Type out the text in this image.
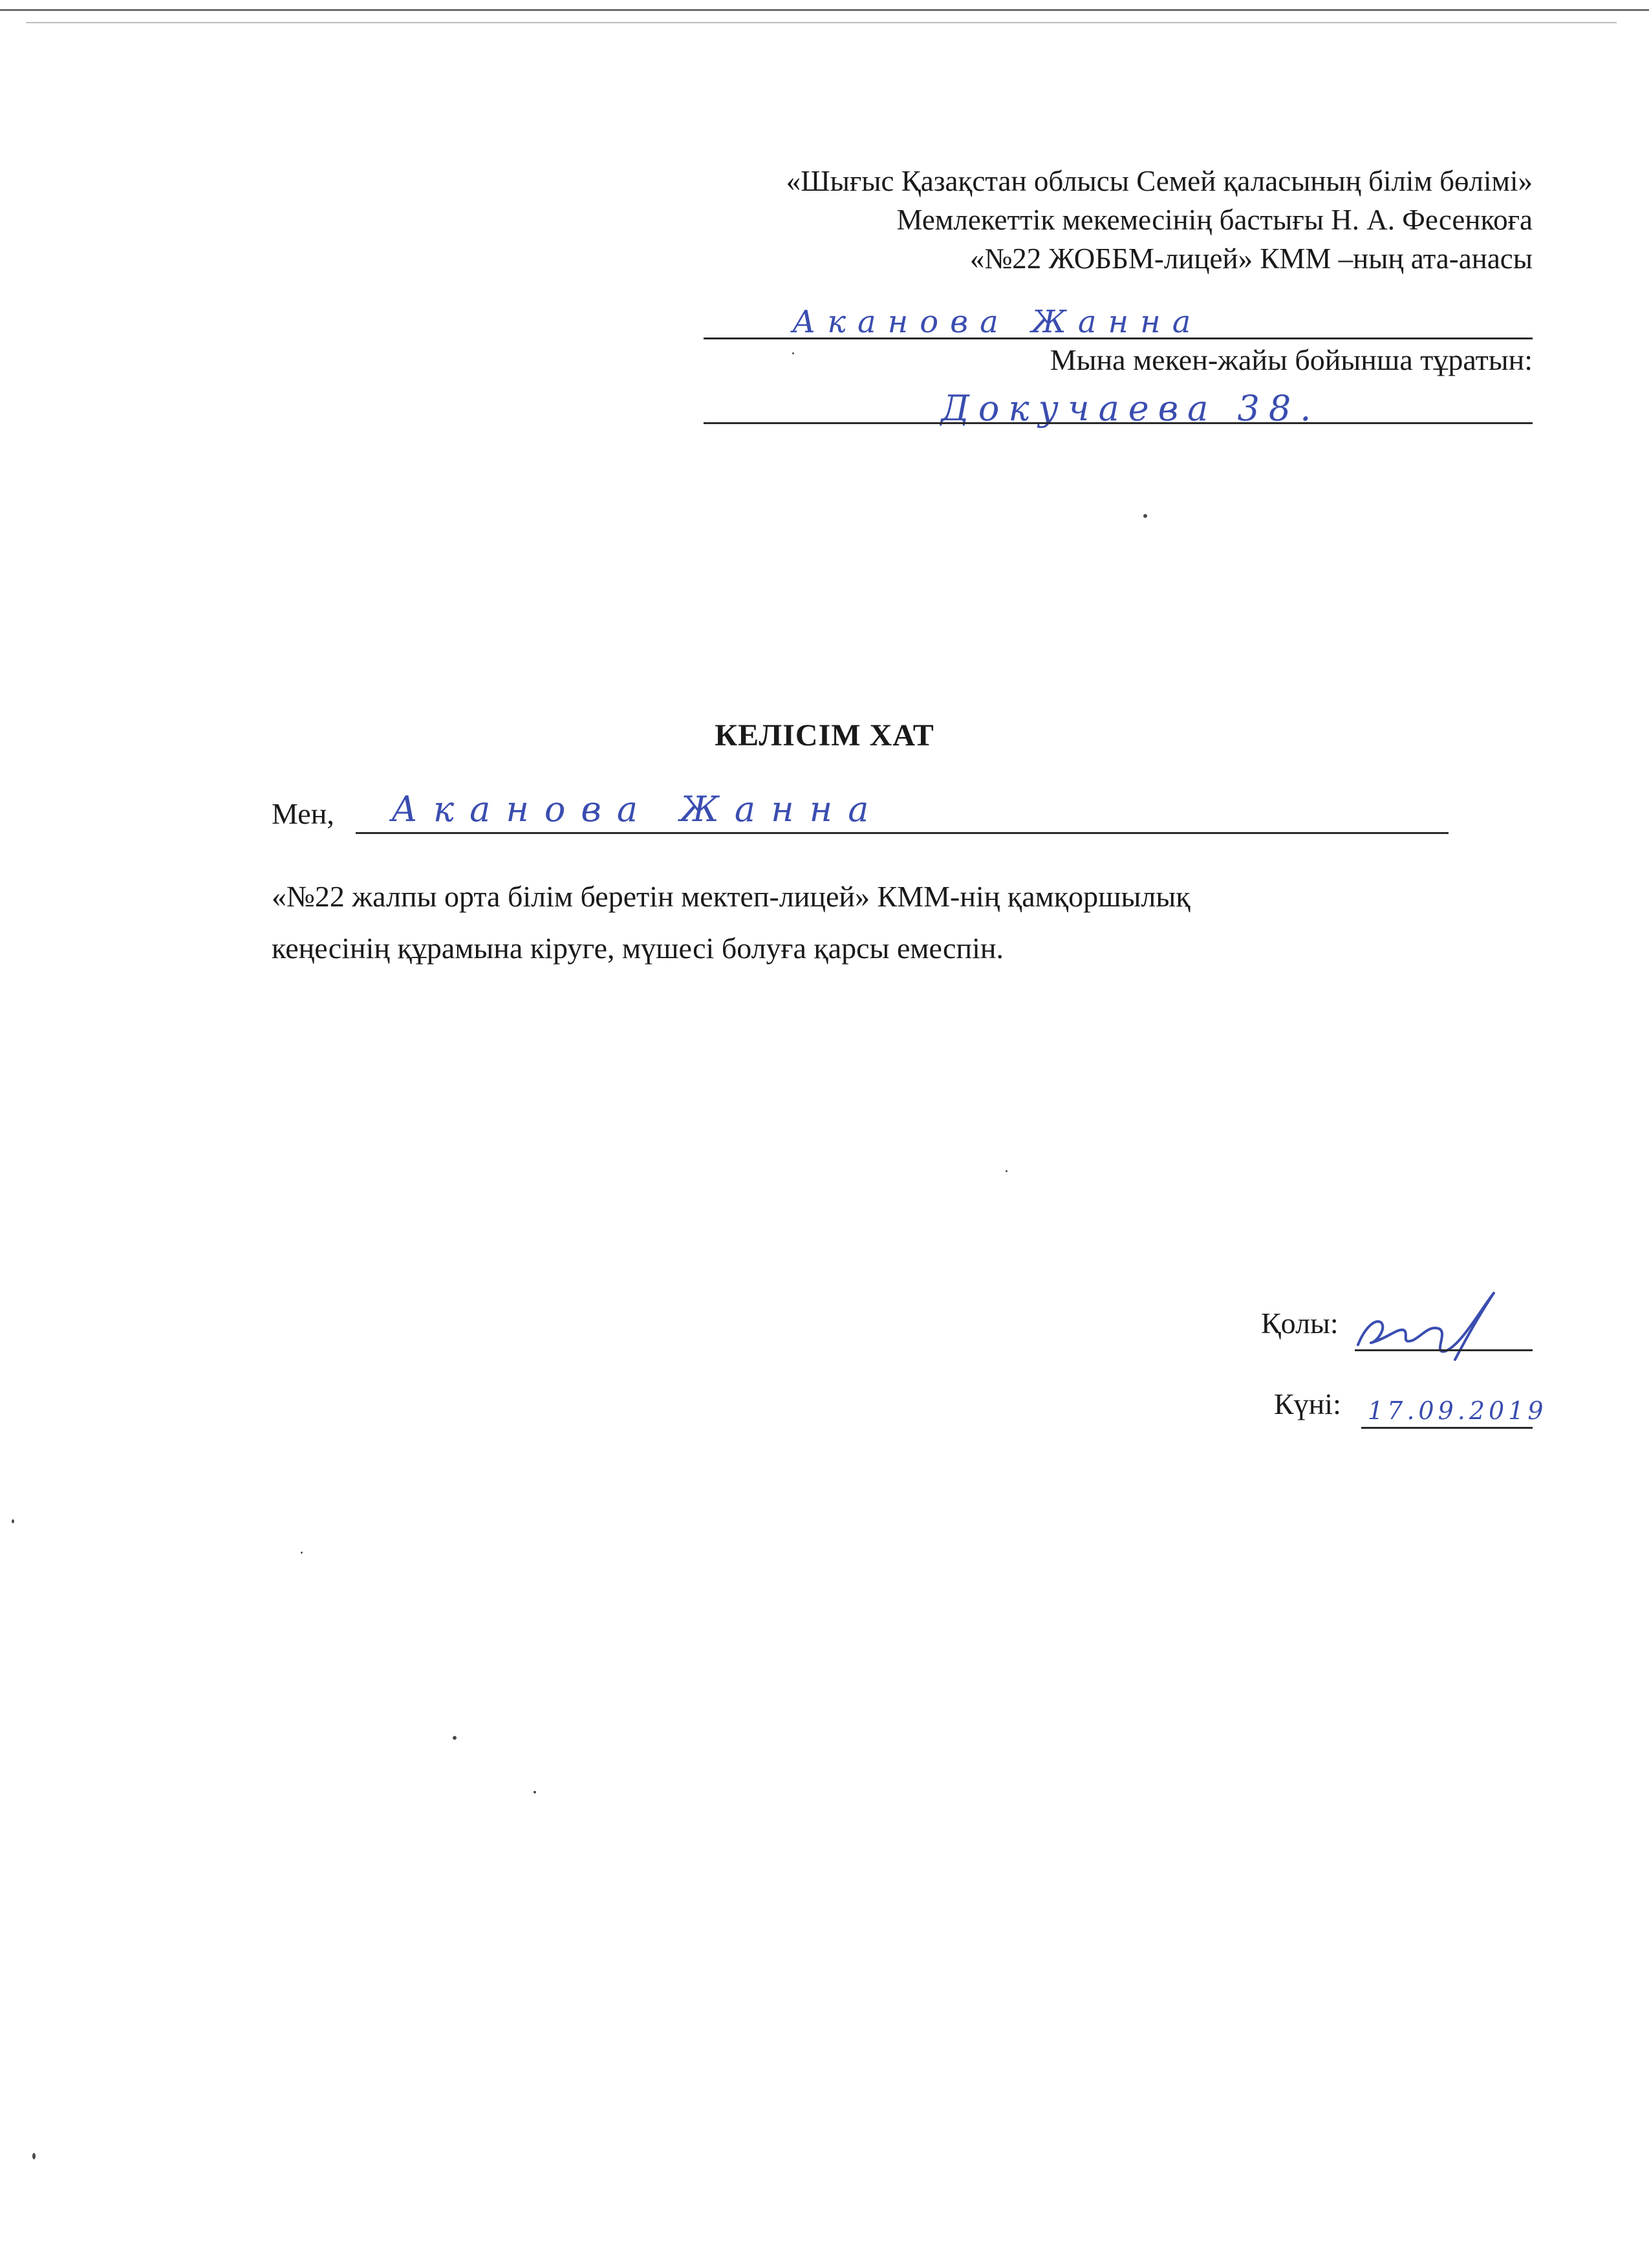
«Шығыс Қазақстан облысы Семей қаласының білім бөлімі»
Мемлекеттік мекемесінің бастығы Н. А. Фесенкоға
«№22 ЖОББМ-лицей» КММ –ның ата-анасы
Аканова Жанна
Мына мекен-жайы бойынша тұратын:
Докучаева 38.
КЕЛІСІМ ХАТ
Мен, Аканова Жанна
«№22 жалпы орта білім беретін мектеп-лицей» КММ-нің қамқоршылық
кеңесінің құрамына кіруге, мүшесі болуға қарсы емеспін.
Қолы:
Күні: 17.09.2019
